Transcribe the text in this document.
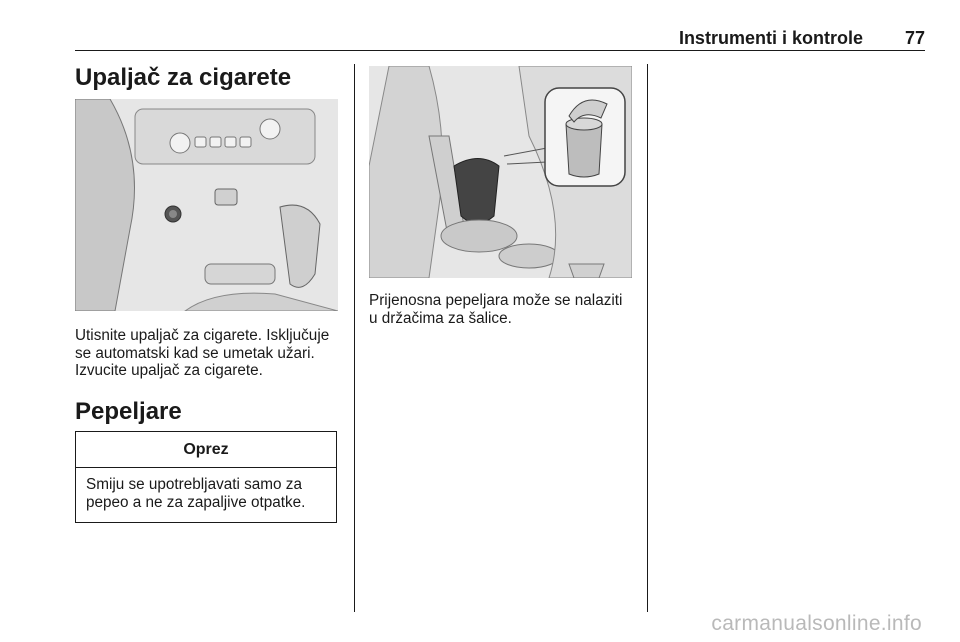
Instrumenti i kontrole 77
Upaljač za cigarete
Utisnite upaljač za cigarete. Isključuje
se automatski kad se umetak užari.
Izvucite upaljač za cigarete.
Pepeljare
Oprez
Smiju se upotrebljavati samo za
pepeo a ne za zapaljive otpatke.
Prijenosna pepeljara može se nalaziti
u držačima za šalice.
carmanualsonline.info
